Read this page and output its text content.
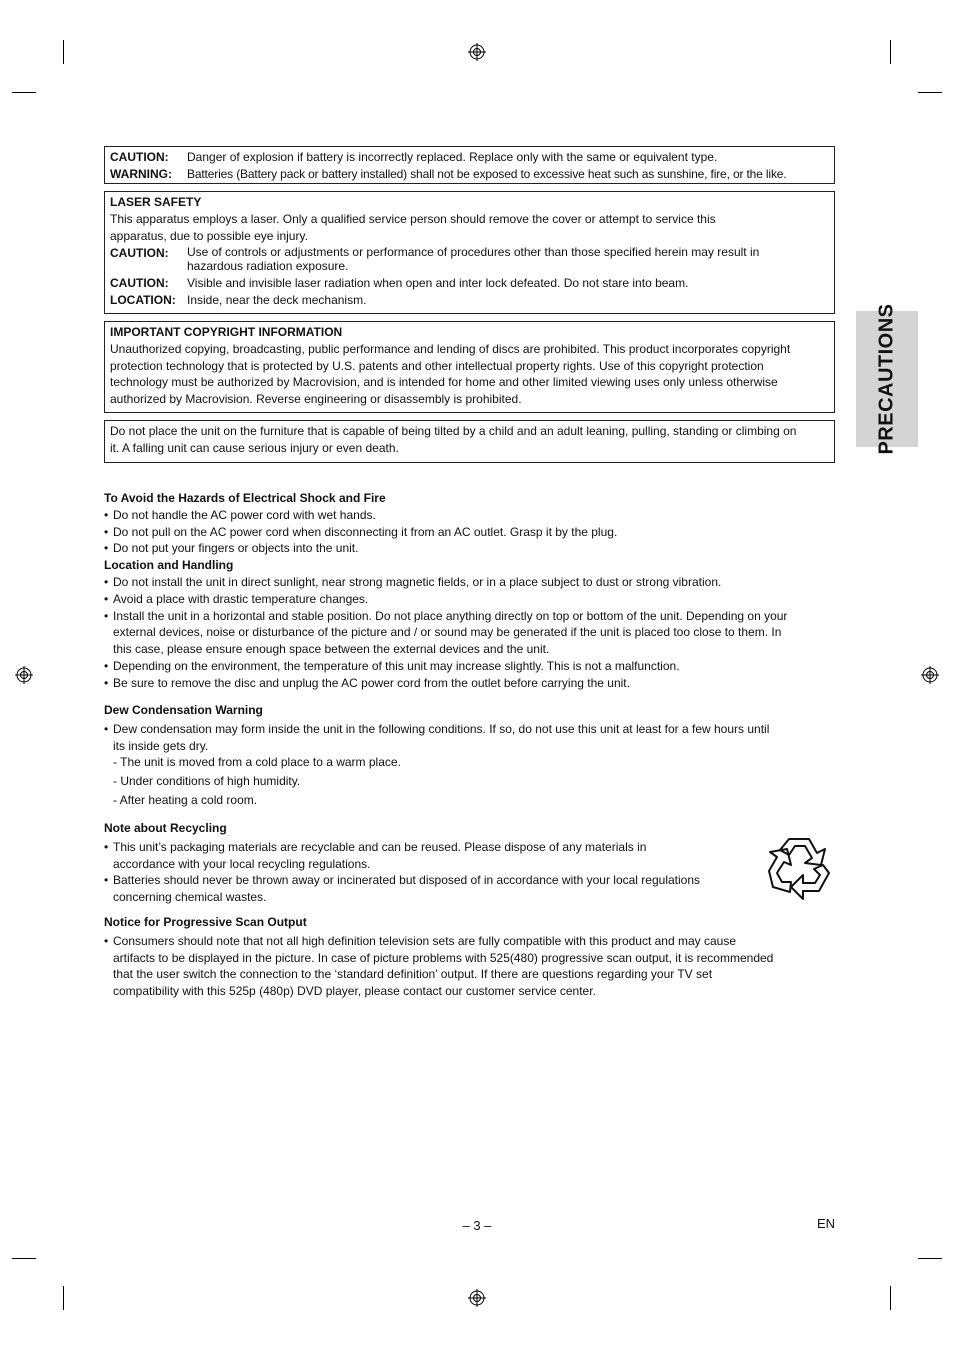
CAUTION:	Danger of explosion if battery is incorrectly replaced. Replace only with the same or equivalent type.
WARNING:	Batteries (Battery pack or battery installed) shall not be exposed to excessive heat such as sunshine, fire, or the like.
LASER SAFETY
This apparatus employs a laser. Only a qualified service person should remove the cover or attempt to service this apparatus, due to possible eye injury.
CAUTION:	Use of controls or adjustments or performance of procedures other than those specified herein may result in hazardous radiation exposure.
CAUTION:	Visible and invisible laser radiation when open and inter lock defeated. Do not stare into beam.
LOCATION: Inside, near the deck mechanism.
IMPORTANT COPYRIGHT INFORMATION
Unauthorized copying, broadcasting, public performance and lending of discs are prohibited. This product incorporates copyright protection technology that is protected by U.S. patents and other intellectual property rights. Use of this copyright protection technology must be authorized by Macrovision, and is intended for home and other limited viewing uses only unless otherwise authorized by Macrovision. Reverse engineering or disassembly is prohibited.
Do not place the unit on the furniture that is capable of being tilted by a child and an adult leaning, pulling, standing or climbing on it. A falling unit can cause serious injury or even death.	PRECAUTIONS
To Avoid the Hazards of Electrical Shock and Fire
• Do not handle the AC power cord with wet hands.
• Do not pull on the AC power cord when disconnecting it from an AC outlet. Grasp it by the plug.
• Do not put your fingers or objects into the unit.
Location and Handling
• Do not install the unit in direct sunlight, near strong magnetic fields, or in a place subject to dust or strong vibration.
• Avoid a place with drastic temperature changes.
• Install the unit in a horizontal and stable position. Do not place anything directly on top or bottom of the unit. Depending on your external devices, noise or disturbance of the picture and / or sound may be generated if the unit is placed too close to them. In this case, please ensure enough space between the external devices and the unit.
• Depending on the environment, the temperature of this unit may increase slightly. This is not a malfunction.
• Be sure to remove the disc and unplug the AC power cord from the outlet before carrying the unit.
Dew Condensation Warning
• Dew condensation may form inside the unit in the following conditions. If so, do not use this unit at least for a few hours until its inside gets dry.
- The unit is moved from a cold place to a warm place.
- Under conditions of high humidity.
- After heating a cold room.
Note about Recycling
• This unit’s packaging materials are recyclable and can be reused. Please dispose of any materials in accordance with your local recycling regulations.
• Batteries should never be thrown away or incinerated but disposed of in accordance with your local regulations concerning chemical wastes.
Notice for Progressive Scan Output
• Consumers should note that not all high definition television sets are fully compatible with this product and may cause artifacts to be displayed in the picture. In case of picture problems with 525(480) progressive scan output, it is recommended that the user switch the connection to the ‘standard definition’ output. If there are questions regarding your TV set compatibility with this 525p (480p) DVD player, please contact our customer service center.
– 3 –	EN
